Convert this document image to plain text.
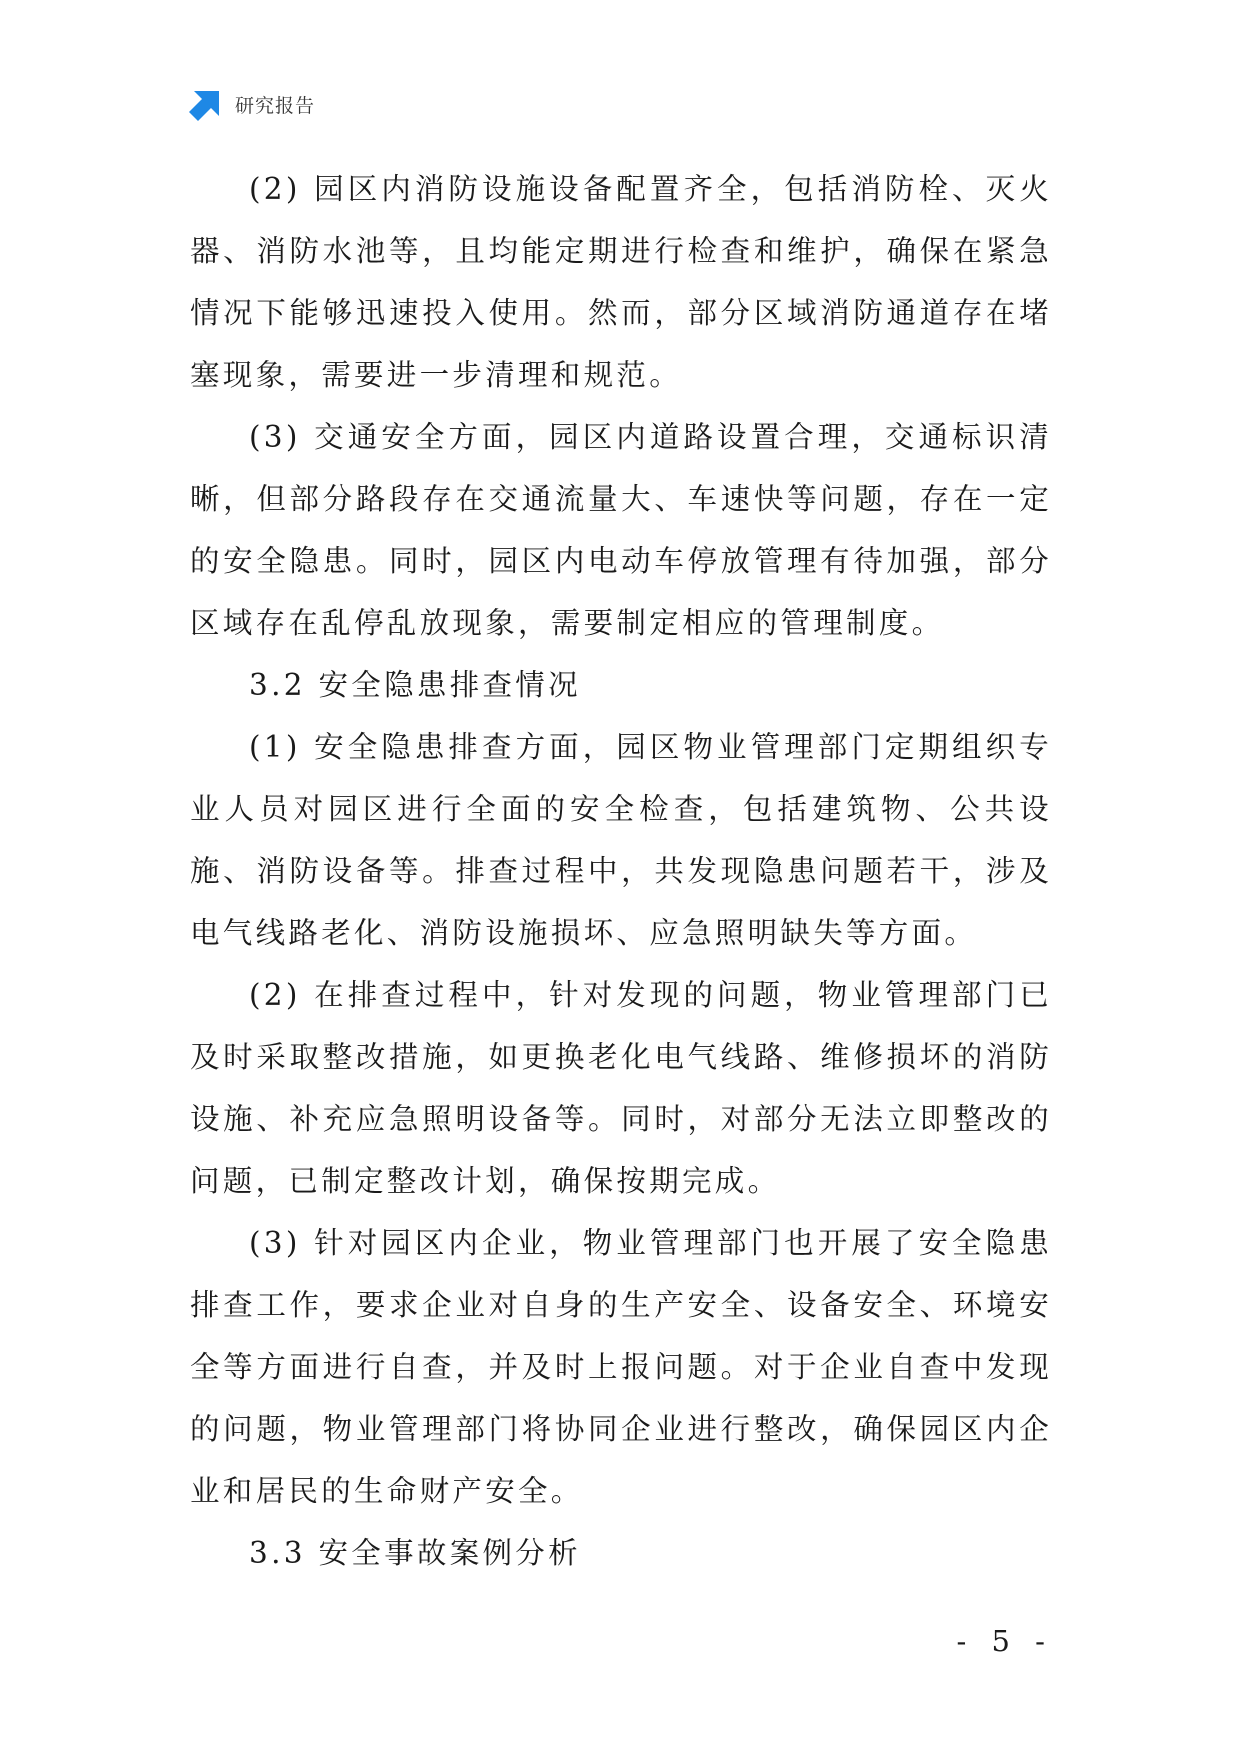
研究报告

(2) 园区内消防设施设备配置齐全，包括消防栓、灭火器、消防水池等，且均能定期进行检查和维护，确保在紧急情况下能够迅速投入使用。然而，部分区域消防通道存在堵塞现象，需要进一步清理和规范。

(3) 交通安全方面，园区内道路设置合理，交通标识清晰，但部分路段存在交通流量大、车速快等问题，存在一定的安全隐患。同时，园区内电动车停放管理有待加强，部分区域存在乱停乱放现象，需要制定相应的管理制度。

3.2 安全隐患排查情况

(1) 安全隐患排查方面，园区物业管理部门定期组织专业人员对园区进行全面的安全检查，包括建筑物、公共设施、消防设备等。排查过程中，共发现隐患问题若干，涉及电气线路老化、消防设施损坏、应急照明缺失等方面。

(2) 在排查过程中，针对发现的问题，物业管理部门已及时采取整改措施，如更换老化电气线路、维修损坏的消防设施、补充应急照明设备等。同时，对部分无法立即整改的问题，已制定整改计划，确保按期完成。

(3) 针对园区内企业，物业管理部门也开展了安全隐患排查工作，要求企业对自身的生产安全、设备安全、环境安全等方面进行自查，并及时上报问题。对于企业自查中发现的问题，物业管理部门将协同企业进行整改，确保园区内企业和居民的生命财产安全。

3.3 安全事故案例分析

- 5 -
